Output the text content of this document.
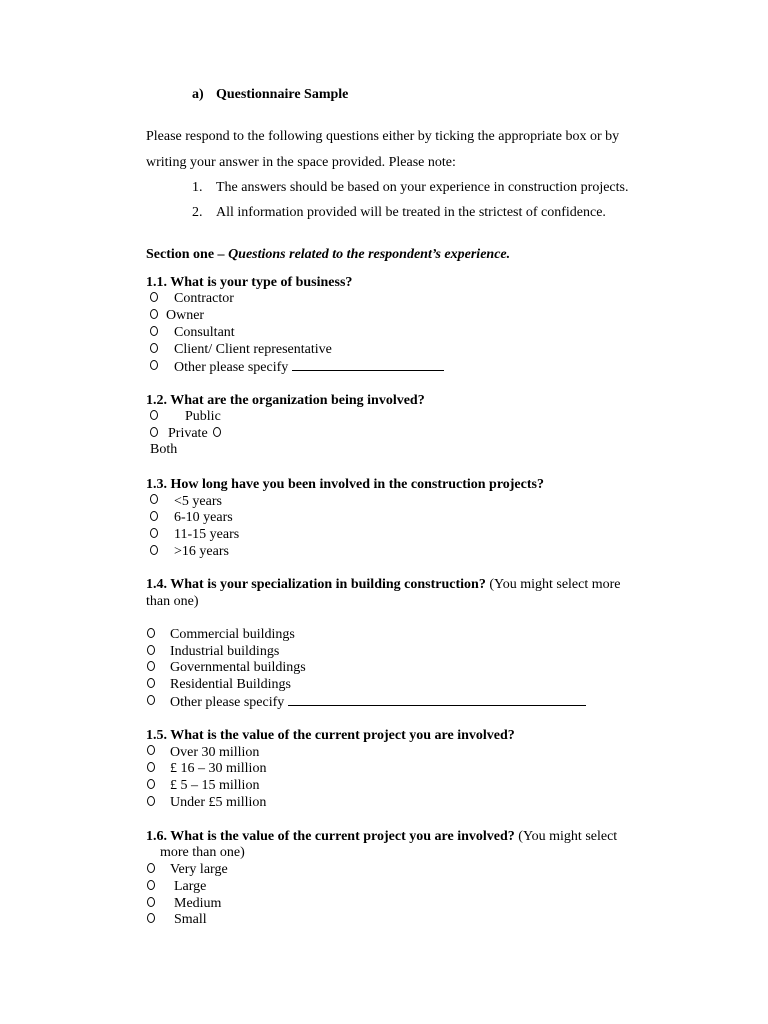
a) Questionnaire Sample
Please respond to the following questions either by ticking the appropriate box or by
writing your answer in the space provided. Please note:
1. The answers should be based on your experience in construction projects.
2. All information provided will be treated in the strictest of confidence.
Section one – Questions related to the respondent’s experience.
1.1. What is your type of business?
Contractor
Owner
Consultant
Client/ Client representative
Other please specify
1.2. What are the organization being involved?
Public
Private
Both
1.3. How long have you been involved in the construction projects?
<5 years
6-10 years
11-15 years
>16 years
1.4. What is your specialization in building construction? (You might select more
than one)
Commercial buildings
Industrial buildings
Governmental buildings
Residential Buildings
Other please specify
1.5. What is the value of the current project you are involved?
Over 30 million
£ 16 – 30 million
£ 5 – 15 million
Under £5 million
1.6. What is the value of the current project you are involved? (You might select
more than one)
Very large
Large
Medium
Small
